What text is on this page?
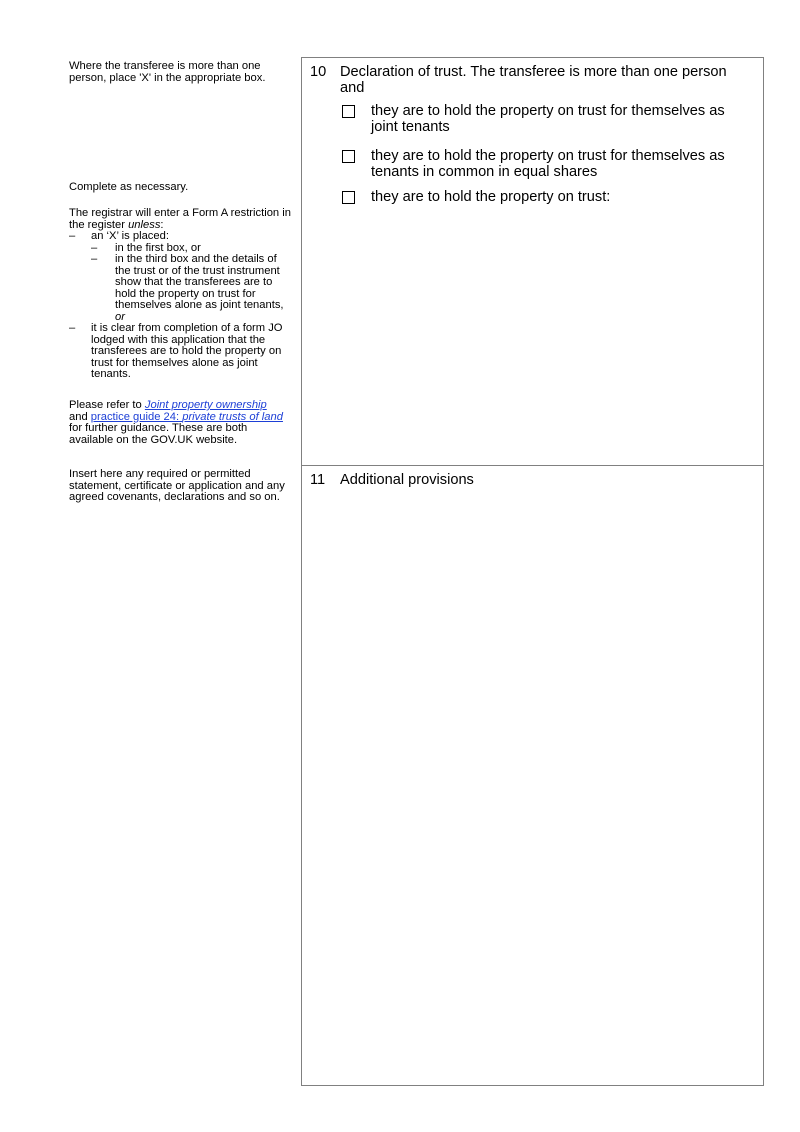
Where the transferee is more than one person, place 'X' in the appropriate box.

Complete as necessary.

The registrar will enter a Form A restriction in the register unless:

– an ‘X’ is placed:
– in the first box, or
– in the third box and the details of the trust or of the trust instrument show that the transferees are to hold the property on trust for themselves alone as joint tenants, or
– it is clear from completion of a form JO lodged with this application that the transferees are to hold the property on trust for themselves alone as joint tenants.

Please refer to Joint property ownership and practice guide 24: private trusts of land for further guidance. These are both available on the GOV.UK website.

Insert here any required or permitted statement, certificate or application and any agreed covenants, declarations and so on.

10 Declaration of trust. The transferee is more than one person and
they are to hold the property on trust for themselves as joint tenants
they are to hold the property on trust for themselves as tenants in common in equal shares
they are to hold the property on trust:
11 Additional provisions
